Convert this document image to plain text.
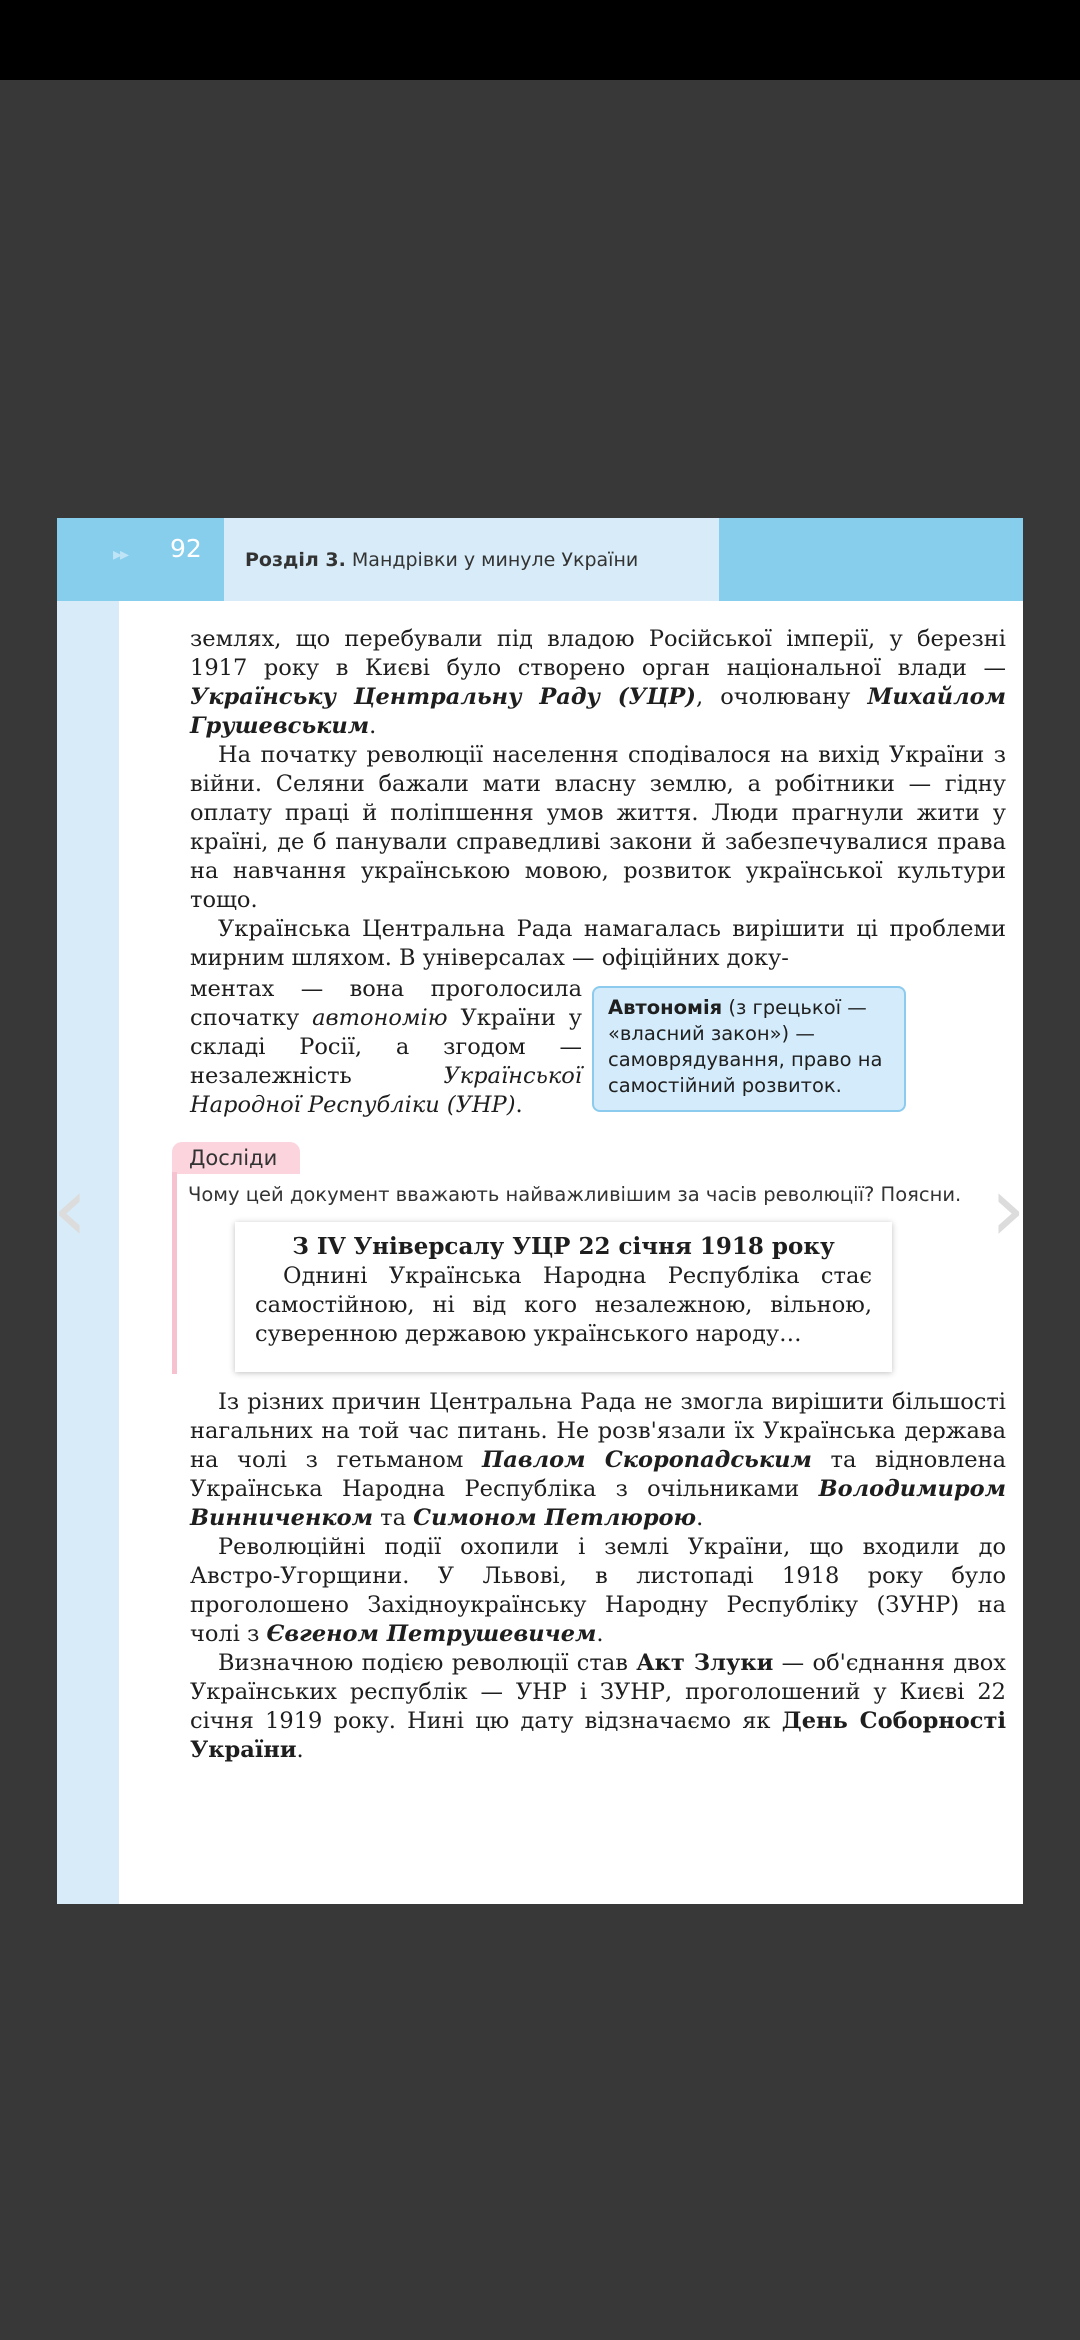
▸▸ 92 Розділ 3. Мандрівки у минуле України

землях, що перебували під владою Російської імперії, у березні 1917 року в Києві було створено орган національної влади — Українську Центральну Раду (УЦР), очолювану Михайлом Грушевським.

На початку революції населення сподівалося на вихід України з війни. Селяни бажали мати власну землю, а робітники — гідну оплату праці й поліпшення умов життя. Люди прагнули жити у країні, де б панували справедливі закони й забезпечувалися права на навчання українською мовою, розвиток української культури тощо.

Українська Центральна Рада намагалась вирішити ці проблеми мирним шляхом. В універсалах — офіційних доку-

ментах — вона проголосила спочатку автономію України у складі Росії, а згодом — незалежність Української Народної Республіки (УНР).
Автономія (з грецької — «власний закон») — самоврядування, право на самостійний розвиток.
Дослiди
Чому цей документ вважають найважливішим за часів революції? Поясни.
З IV Універсалу УЦР 22 січня 1918 року

Однині Українська Народна Республіка стає самостійною, ні від кого незалежною, вільною, суверенною державою українського народу…

Із різних причин Центральна Рада не змогла вирішити більшості нагальних на той час питань. Не розв'язали їх Українська держава на чолі з гетьманом Павлом Скоропадським та відновлена Українська Народна Республіка з очільниками Володимиром Винниченком та Симоном Петлюрою.

Революційні події охопили і землі України, що входили до Австро-Угорщини. У Львові, в листопаді 1918 року було проголошено Західноукраїнську Народну Республіку (ЗУНР) на чолі з Євгеном Петрушевичем.

Визначною подією революції став Акт Злуки — об'єднання двох Українських республік — УНР і ЗУНР, проголошений у Києві 22 січня 1919 року. Нині цю дату відзначаємо як День Соборності України.

‹	›
